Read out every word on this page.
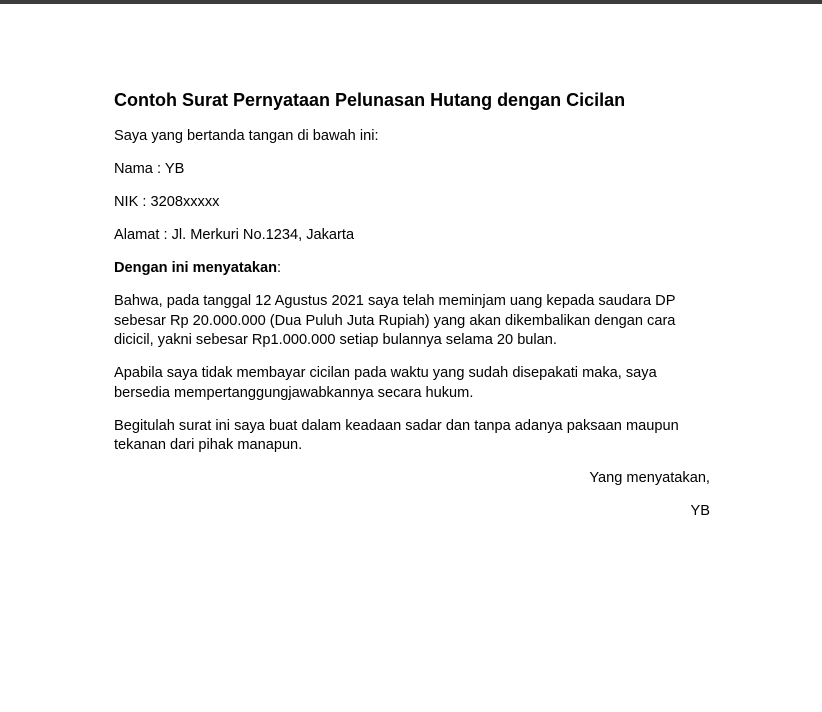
Contoh Surat Pernyataan Pelunasan Hutang dengan Cicilan

Saya yang bertanda tangan di bawah ini:

Nama : YB

NIK : 3208xxxxx

Alamat : Jl. Merkuri No.1234, Jakarta

Dengan ini menyatakan:

Bahwa, pada tanggal 12 Agustus 2021 saya telah meminjam uang kepada saudara DP sebesar Rp 20.000.000 (Dua Puluh Juta Rupiah) yang akan dikembalikan dengan cara dicicil, yakni sebesar Rp1.000.000 setiap bulannya selama 20 bulan.

Apabila saya tidak membayar cicilan pada waktu yang sudah disepakati maka, saya bersedia mempertanggungjawabkannya secara hukum.

Begitulah surat ini saya buat dalam keadaan sadar dan tanpa adanya paksaan maupun tekanan dari pihak manapun.

Yang menyatakan,

YB
